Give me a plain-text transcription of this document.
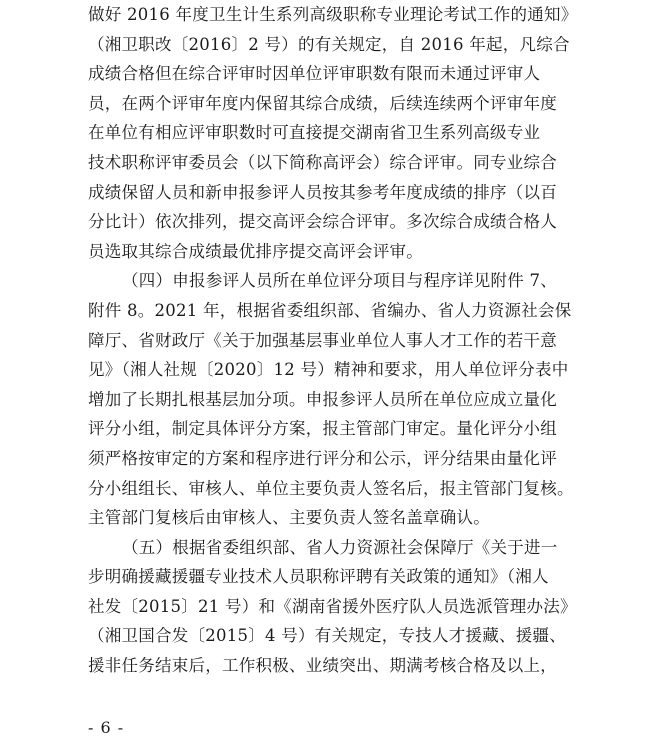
做好 2016 年度卫生计生系列高级职称专业理论考试工作的通知》
（湘卫职改〔2016〕2 号）的有关规定，自 2016 年起，凡综合
成绩合格但在综合评审时因单位评审职数有限而未通过评审人
员，在两个评审年度内保留其综合成绩，后续连续两个评审年度
在单位有相应评审职数时可直接提交湖南省卫生系列高级专业
技术职称评审委员会（以下简称高评会）综合评审。同专业综合
成绩保留人员和新申报参评人员按其参考年度成绩的排序（以百
分比计）依次排列，提交高评会综合评审。多次综合成绩合格人
员选取其综合成绩最优排序提交高评会评审。
（四）申报参评人员所在单位评分项目与程序详见附件 7、
附件 8。2021 年，根据省委组织部、省编办、省人力资源社会保
障厅、省财政厅《关于加强基层事业单位人事人才工作的若干意
见》（湘人社规〔2020〕12 号）精神和要求，用人单位评分表中
增加了长期扎根基层加分项。申报参评人员所在单位应成立量化
评分小组，制定具体评分方案，报主管部门审定。量化评分小组
须严格按审定的方案和程序进行评分和公示，评分结果由量化评
分小组组长、审核人、单位主要负责人签名后，报主管部门复核。
主管部门复核后由审核人、主要负责人签名盖章确认。
（五）根据省委组织部、省人力资源社会保障厅《关于进一
步明确援藏援疆专业技术人员职称评聘有关政策的通知》（湘人
社发〔2015〕21 号）和《湖南省援外医疗队人员选派管理办法》
（湘卫国合发〔2015〕4 号）有关规定，专技人才援藏、援疆、
援非任务结束后，工作积极、业绩突出、期满考核合格及以上，
- 6 -
